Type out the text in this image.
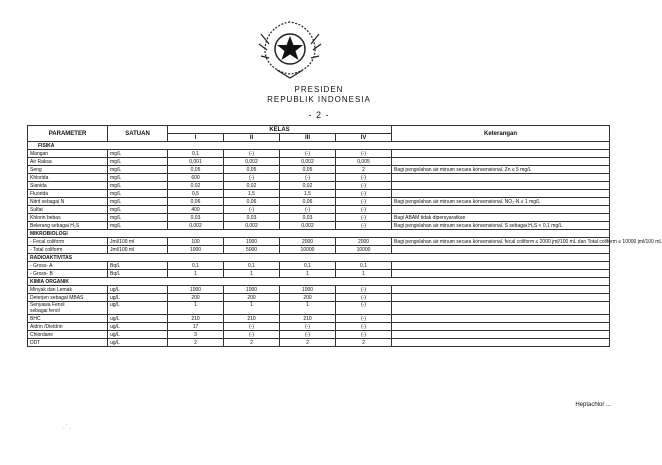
PRESIDEN
REPUBLIK INDONESIA
- 2 -
PARAMETER	SATUAN	KELAS				Keterangan
		I	II	III	IV	
FISIKA						
Mangan	mg/L	0,1	(-)	(-)	(-)	
Air Raksa	mg/L	0,001	0,002	0,002	0,005	
Seng	mg/L	0,05	0,05	0,05	2	Bagi pengolahan air minum secara konvensional, Zn ≤ 5 mg/L
Khlorida	mg/L	600	(-)	(-)	(-)	
Sianida	mg/L	0,02	0,02	0,02	(-)	
Fluorida	mg/L	0,5	1,5	1,5	(-)	
Nitrit sebagai N	mg/L	0,06	0,06	0,06	(-)	Bagi pengolahan air minum secara konvensional, NO₂-N ≤ 1 mg/L
Sulfat	mg/L	400	(-)	(-)	(-)	
Khlorin bebas	mg/L	0,03	0,03	0,03	(-)	Bagi ABAM tidak dipersyaratkan
Belerang sebagai H₂S	mg/L	0,002	0,002	0,002	(-)	Bagi pengolahan air minum secara konvensional, S sebagai H₂S < 0,1 mg/L
MIKROBIOLOGI						
- Fecal coliform	Jml/100 ml	100	1000	2000	2000	Bagi pengolahan air minum secara konvensional, fecal coliform ≤ 2000 jml/100 mL dan Total coliform ≤ 10000 jml/100 mL
- Total coliform	Jml/100 ml	1000	5000	10000	10000	
RADIOAKTIVITAS						
- Gross- A	Bq/L	0,1	0,1	0,1	0,1	
- Gross- B	Bq/L	1	1	1	1	
KIMIA ORGANIK						
Minyak dan Lemak	ug/L	1000	1000	1000	(-)	
Deterjen sebagai MBAS	ug/L	200	200	200	(-)	

Senyawa Fenol
sebagai fenol	ug/L	1	1	1	(-)	
BHC	ug/L	210	210	210	(-)	
Aldrin /Dieldrin	ug/L	17	(-)	(-)	(-)	
Chlordane	ug/L	3	(-)	(-)	(-)	
DDT	ug/L	2	2	2	2	
Heptachlor ...
· ˙ .
